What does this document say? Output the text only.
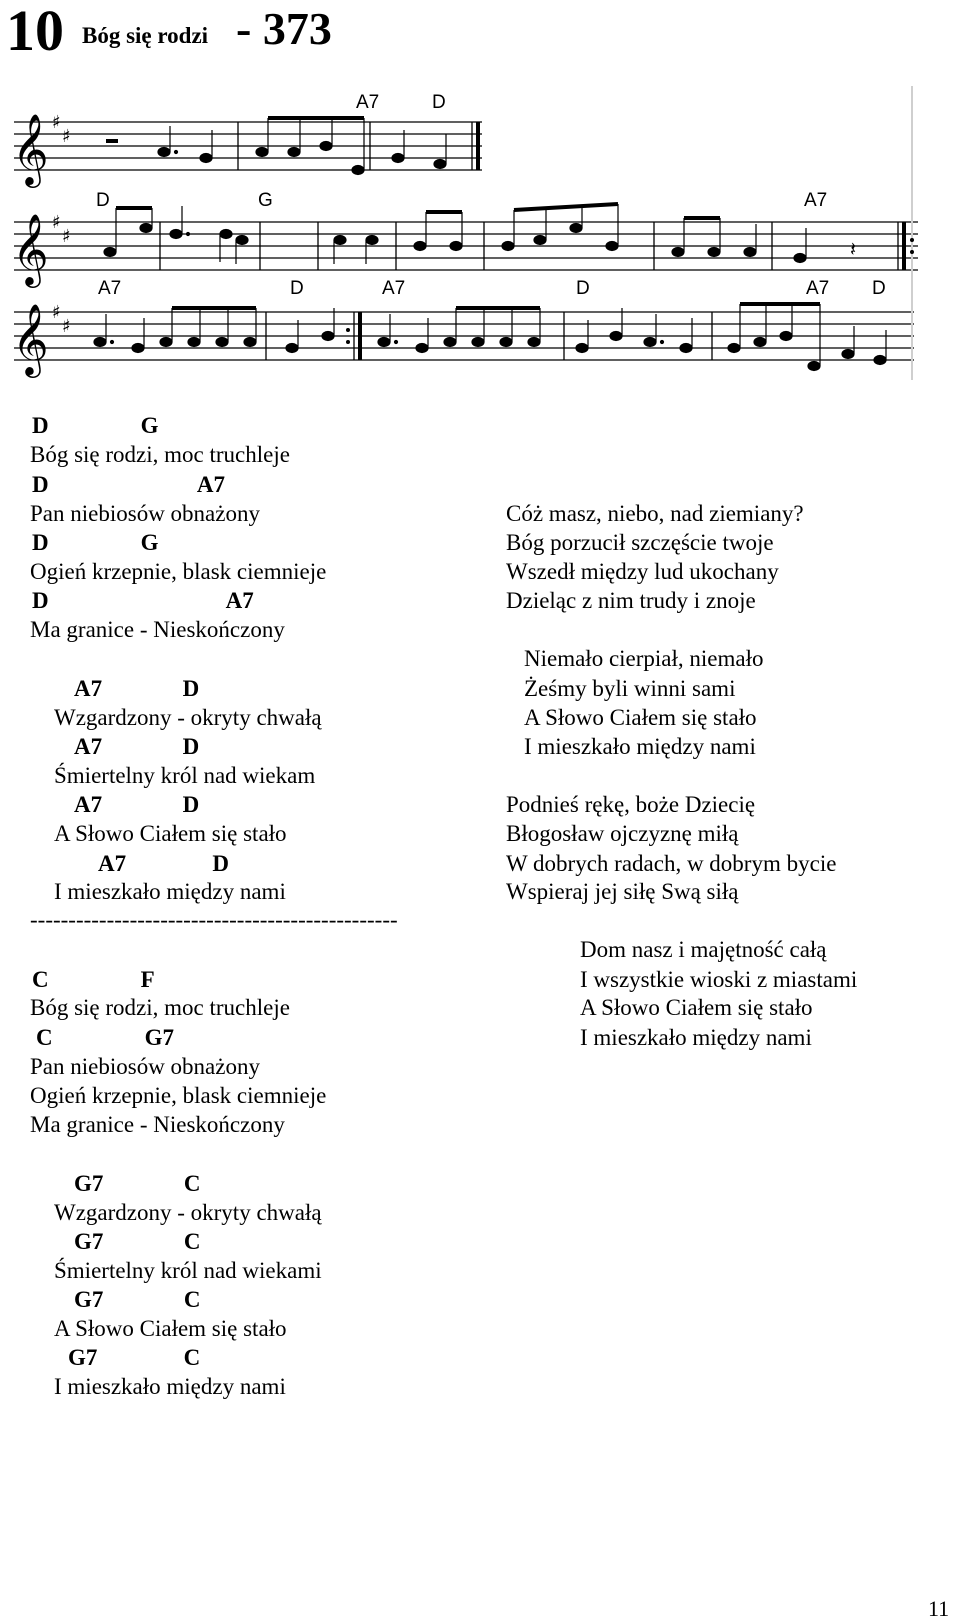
10 Bóg się rodzi - 373
𝄞
𝄞
𝄞
♯
♯
♯
♯
♯
♯
A7	D
D	G	A7
A7	D	A7	D	A7 D
𝄽
D                G
Bóg się rodzi, moc truchleje
D                          A7
Pan niebiosów obnażony
D                G
Ogień krzepnie, blask ciemnieje
D                               A7
Ma granice - Nieskończony
A7              D
Wzgardzony - okryty chwałą
A7              D
Śmiertelny król nad wiekam
A7              D
A Słowo Ciałem się stało
A7               D
I mieszkało między nami
------------------------------------------------
C                F
Bóg się rodzi, moc truchleje
C                G7
Pan niebiosów obnażony
Ogień krzepnie, blask ciemnieje
Ma granice - Nieskończony
G7              C
Wzgardzony - okryty chwałą
G7              C
Śmiertelny król nad wiekami
G7              C
A Słowo Ciałem się stało
G7               C
I mieszkało między nami
Cóż masz, niebo, nad ziemiany?
Bóg porzucił szczęście twoje
Wszedł między lud ukochany
Dzieląc z nim trudy i znoje
Niemało cierpiał, niemało
Żeśmy byli winni sami
A Słowo Ciałem się stało
I mieszkało między nami
Podnieś rękę, boże Dziecię
Błogosław ojczyznę miłą
W dobrych radach, w dobrym bycie
Wspieraj jej siłę Swą siłą
Dom nasz i majętność całą
I wszystkie wioski z miastami
A Słowo Ciałem się stało
I mieszkało między nami
11
